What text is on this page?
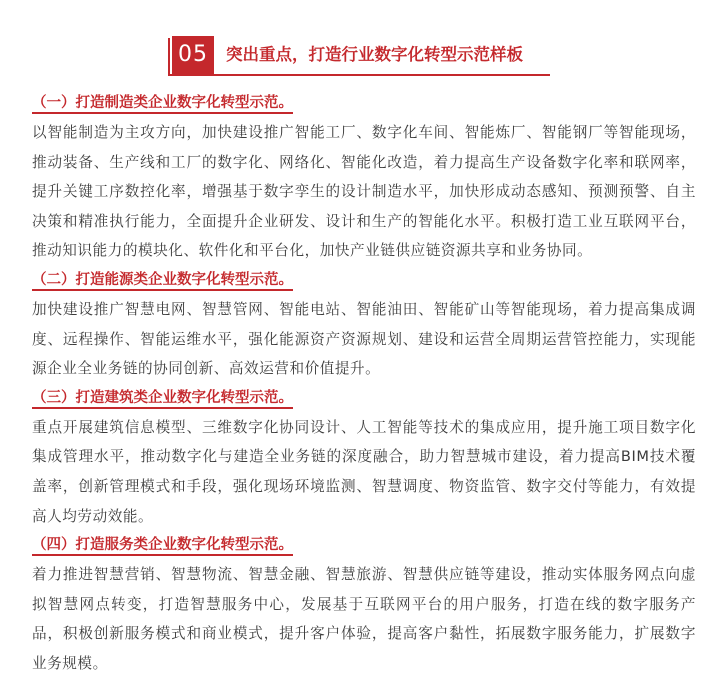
05	突出重点，打造行业数字化转型示范样板
（一）打造制造类企业数字化转型示范。

以智能制造为主攻方向，加快建设推广智能工厂、数字化车间、智能炼厂、智能钢厂等智能现场，推动装备、生产线和工厂的数字化、网络化、智能化改造，着力提高生产设备数字化率和联网率，提升关键工序数控化率，增强基于数字孪生的设计制造水平，加快形成动态感知、预测预警、自主决策和精准执行能力，全面提升企业研发、设计和生产的智能化水平。积极打造工业互联网平台，推动知识能力的模块化、软件化和平台化，加快产业链供应链资源共享和业务协同。

（二）打造能源类企业数字化转型示范。

加快建设推广智慧电网、智慧管网、智能电站、智能油田、智能矿山等智能现场，着力提高集成调度、远程操作、智能运维水平，强化能源资产资源规划、建设和运营全周期运营管控能力，实现能源企业全业务链的协同创新、高效运营和价值提升。

（三）打造建筑类企业数字化转型示范。

重点开展建筑信息模型、三维数字化协同设计、人工智能等技术的集成应用，提升施工项目数字化集成管理水平，推动数字化与建造全业务链的深度融合，助力智慧城市建设，着力提高BIM技术覆盖率，创新管理模式和手段，强化现场环境监测、智慧调度、物资监管、数字交付等能力，有效提高人均劳动效能。

（四）打造服务类企业数字化转型示范。

着力推进智慧营销、智慧物流、智慧金融、智慧旅游、智慧供应链等建设，推动实体服务网点向虚拟智慧网点转变，打造智慧服务中心，发展基于互联网平台的用户服务，打造在线的数字服务产品，积极创新服务模式和商业模式，提升客户体验，提高客户黏性，拓展数字服务能力，扩展数字业务规模。
